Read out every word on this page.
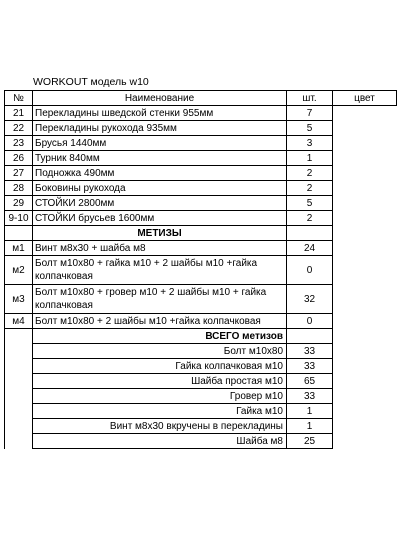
WORKOUT модель w10
№	Наименование	шт.	цвет
21	Перекладины шведской стенки 955мм	7	
22	Перекладины рукохода 935мм	5	
23	Брусья 1440мм	3	
26	Турник 840мм	1	
27	Подножка 490мм	2	
28	Боковины рукохода	2	
29	СТОЙКИ 2800мм	5	
9-10	СТОЙКИ брусьев 1600мм	2	
	МЕТИЗЫ		
м1	Винт м8х30 + шайба м8	24	
м2	Болт м10х80 + гайка м10 + 2 шайбы м10 +гайка колпачковая	0	
м3	Болт м10х80 + гровер м10 + 2 шайбы м10 + гайка колпачковая	32	
м4	Болт м10х80 + 2 шайбы м10 +гайка колпачковая	0	
	ВСЕГО метизов		
	Болт м10х80	33	
	Гайка колпачковая м10	33	
	Шайба простая м10	65	
	Гровер м10	33	
	Гайка м10	1	
	Винт м8х30 вкручены в перекладины	1	
	Шайба м8	25	
